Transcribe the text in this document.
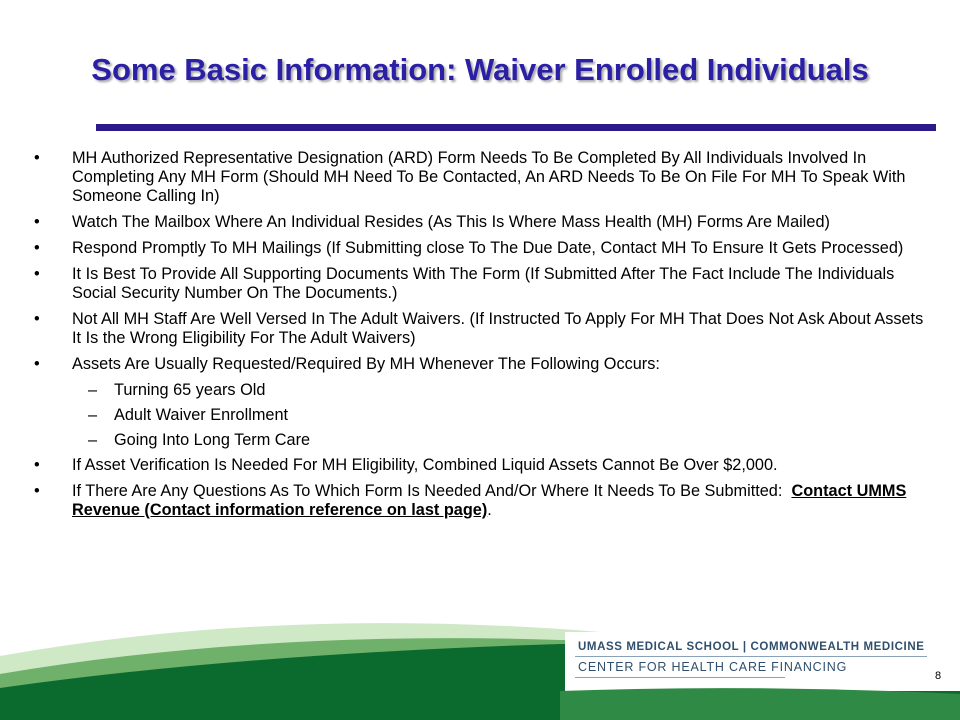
Some Basic Information: Waiver Enrolled Individuals
• MH Authorized Representative Designation (ARD) Form Needs To Be Completed By All Individuals Involved In Completing Any MH Form (Should MH Need To Be Contacted, An ARD Needs To Be On File For MH To Speak With Someone Calling In)
• Watch The Mailbox Where An Individual Resides (As This Is Where Mass Health (MH) Forms Are Mailed)
• Respond Promptly To MH Mailings (If Submitting close To The Due Date, Contact MH To Ensure It Gets Processed)
• It Is Best To Provide All Supporting Documents With The Form (If Submitted After The Fact Include The Individuals Social Security Number On The Documents.)
• Not All MH Staff Are Well Versed In The Adult Waivers. (If Instructed To Apply For MH That Does Not Ask About Assets It Is the Wrong Eligibility For The Adult Waivers)
• Assets Are Usually Requested/Required By MH Whenever The Following Occurs:
– Turning 65 years Old
– Adult Waiver Enrollment
– Going Into Long Term Care
• If Asset Verification Is Needed For MH Eligibility, Combined Liquid Assets Cannot Be Over $2,000.
• If There Are Any Questions As To Which Form Is Needed And/Or Where It Needs To Be Submitted: Contact UMMS Revenue (Contact information reference on last page).
UMASS MEDICAL SCHOOL | COMMONWEALTH MEDICINE
CENTER FOR HEALTH CARE FINANCING
8
